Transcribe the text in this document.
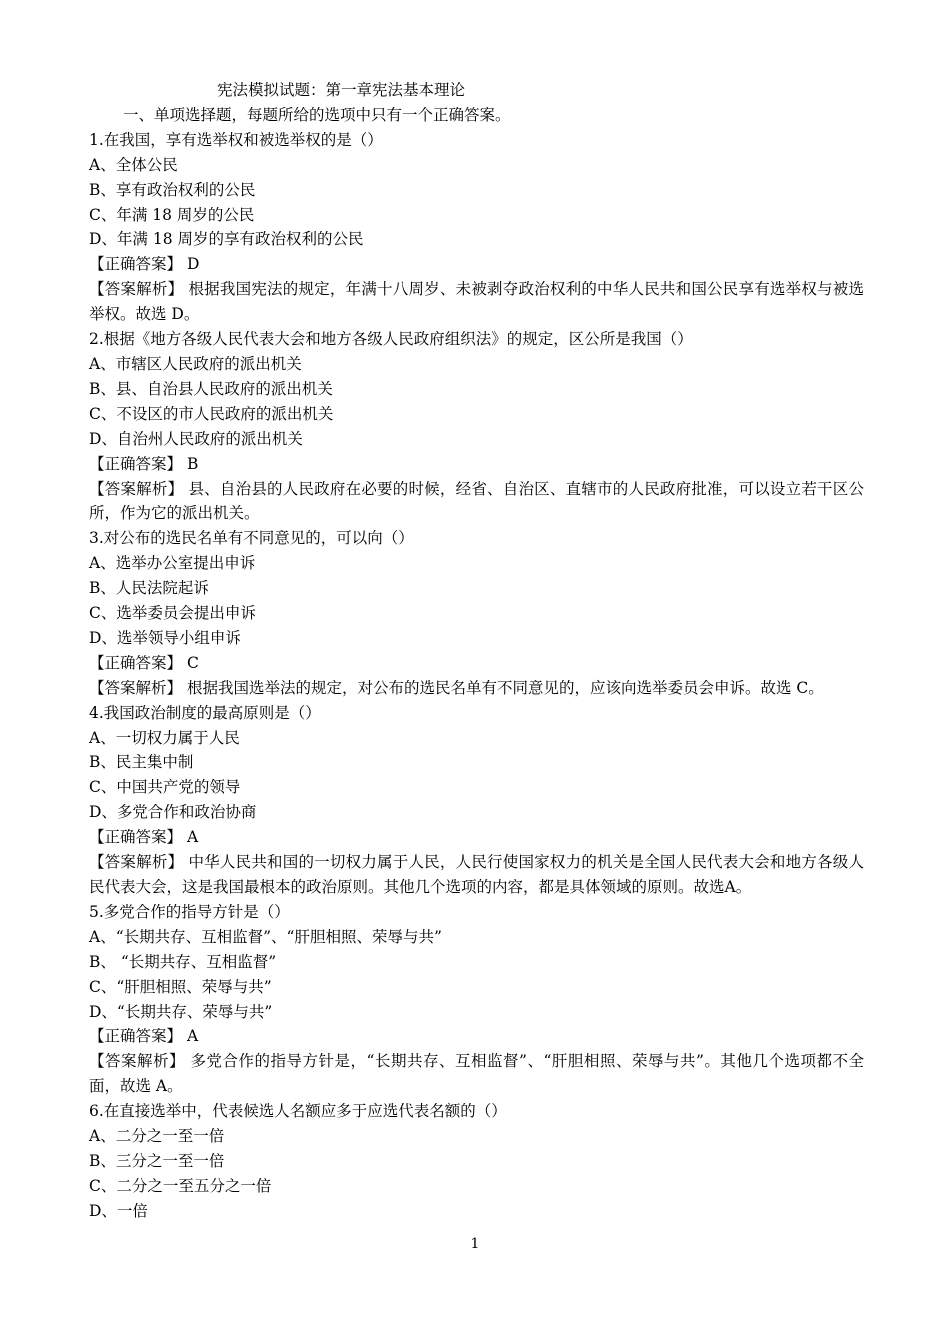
宪法模拟试题：第一章宪法基本理论
一、单项选择题，每题所给的选项中只有一个正确答案。
1.在我国，享有选举权和被选举权的是（）
A、全体公民
B、享有政治权利的公民
C、年满 18 周岁的公民
D、年满 18 周岁的享有政治权利的公民
【正确答案】 D
【答案解析】 根据我国宪法的规定，年满十八周岁、未被剥夺政治权利的中华人民共和国公民享有选举权与被选举权。故选 D。
2.根据《地方各级人民代表大会和地方各级人民政府组织法》的规定，区公所是我国（）
A、市辖区人民政府的派出机关
B、县、自治县人民政府的派出机关
C、不设区的市人民政府的派出机关
D、自治州人民政府的派出机关
【正确答案】 B
【答案解析】 县、自治县的人民政府在必要的时候，经省、自治区、直辖市的人民政府批准，可以设立若干区公所，作为它的派出机关。
3.对公布的选民名单有不同意见的，可以向（）
A、选举办公室提出申诉
B、人民法院起诉
C、选举委员会提出申诉
D、选举领导小组申诉
【正确答案】 C
【答案解析】 根据我国选举法的规定，对公布的选民名单有不同意见的，应该向选举委员会申诉。故选 C。
4.我国政治制度的最高原则是（）
A、一切权力属于人民
B、民主集中制
C、中国共产党的领导
D、多党合作和政治协商
【正确答案】 A
【答案解析】 中华人民共和国的一切权力属于人民，人民行使国家权力的机关是全国人民代表大会和地方各级人民代表大会，这是我国最根本的政治原则。其他几个选项的内容，都是具体领域的原则。故选A。
5.多党合作的指导方针是（）
A、“长期共存、互相监督”、“肝胆相照、荣辱与共”
B、 “长期共存、互相监督”
C、“肝胆相照、荣辱与共”
D、“长期共存、荣辱与共”
【正确答案】 A
【答案解析】 多党合作的指导方针是，“长期共存、互相监督”、“肝胆相照、荣辱与共”。其他几个选项都不全面，故选 A。
6.在直接选举中，代表候选人名额应多于应选代表名额的（）
A、二分之一至一倍
B、三分之一至一倍
C、二分之一至五分之一倍
D、一倍
1
